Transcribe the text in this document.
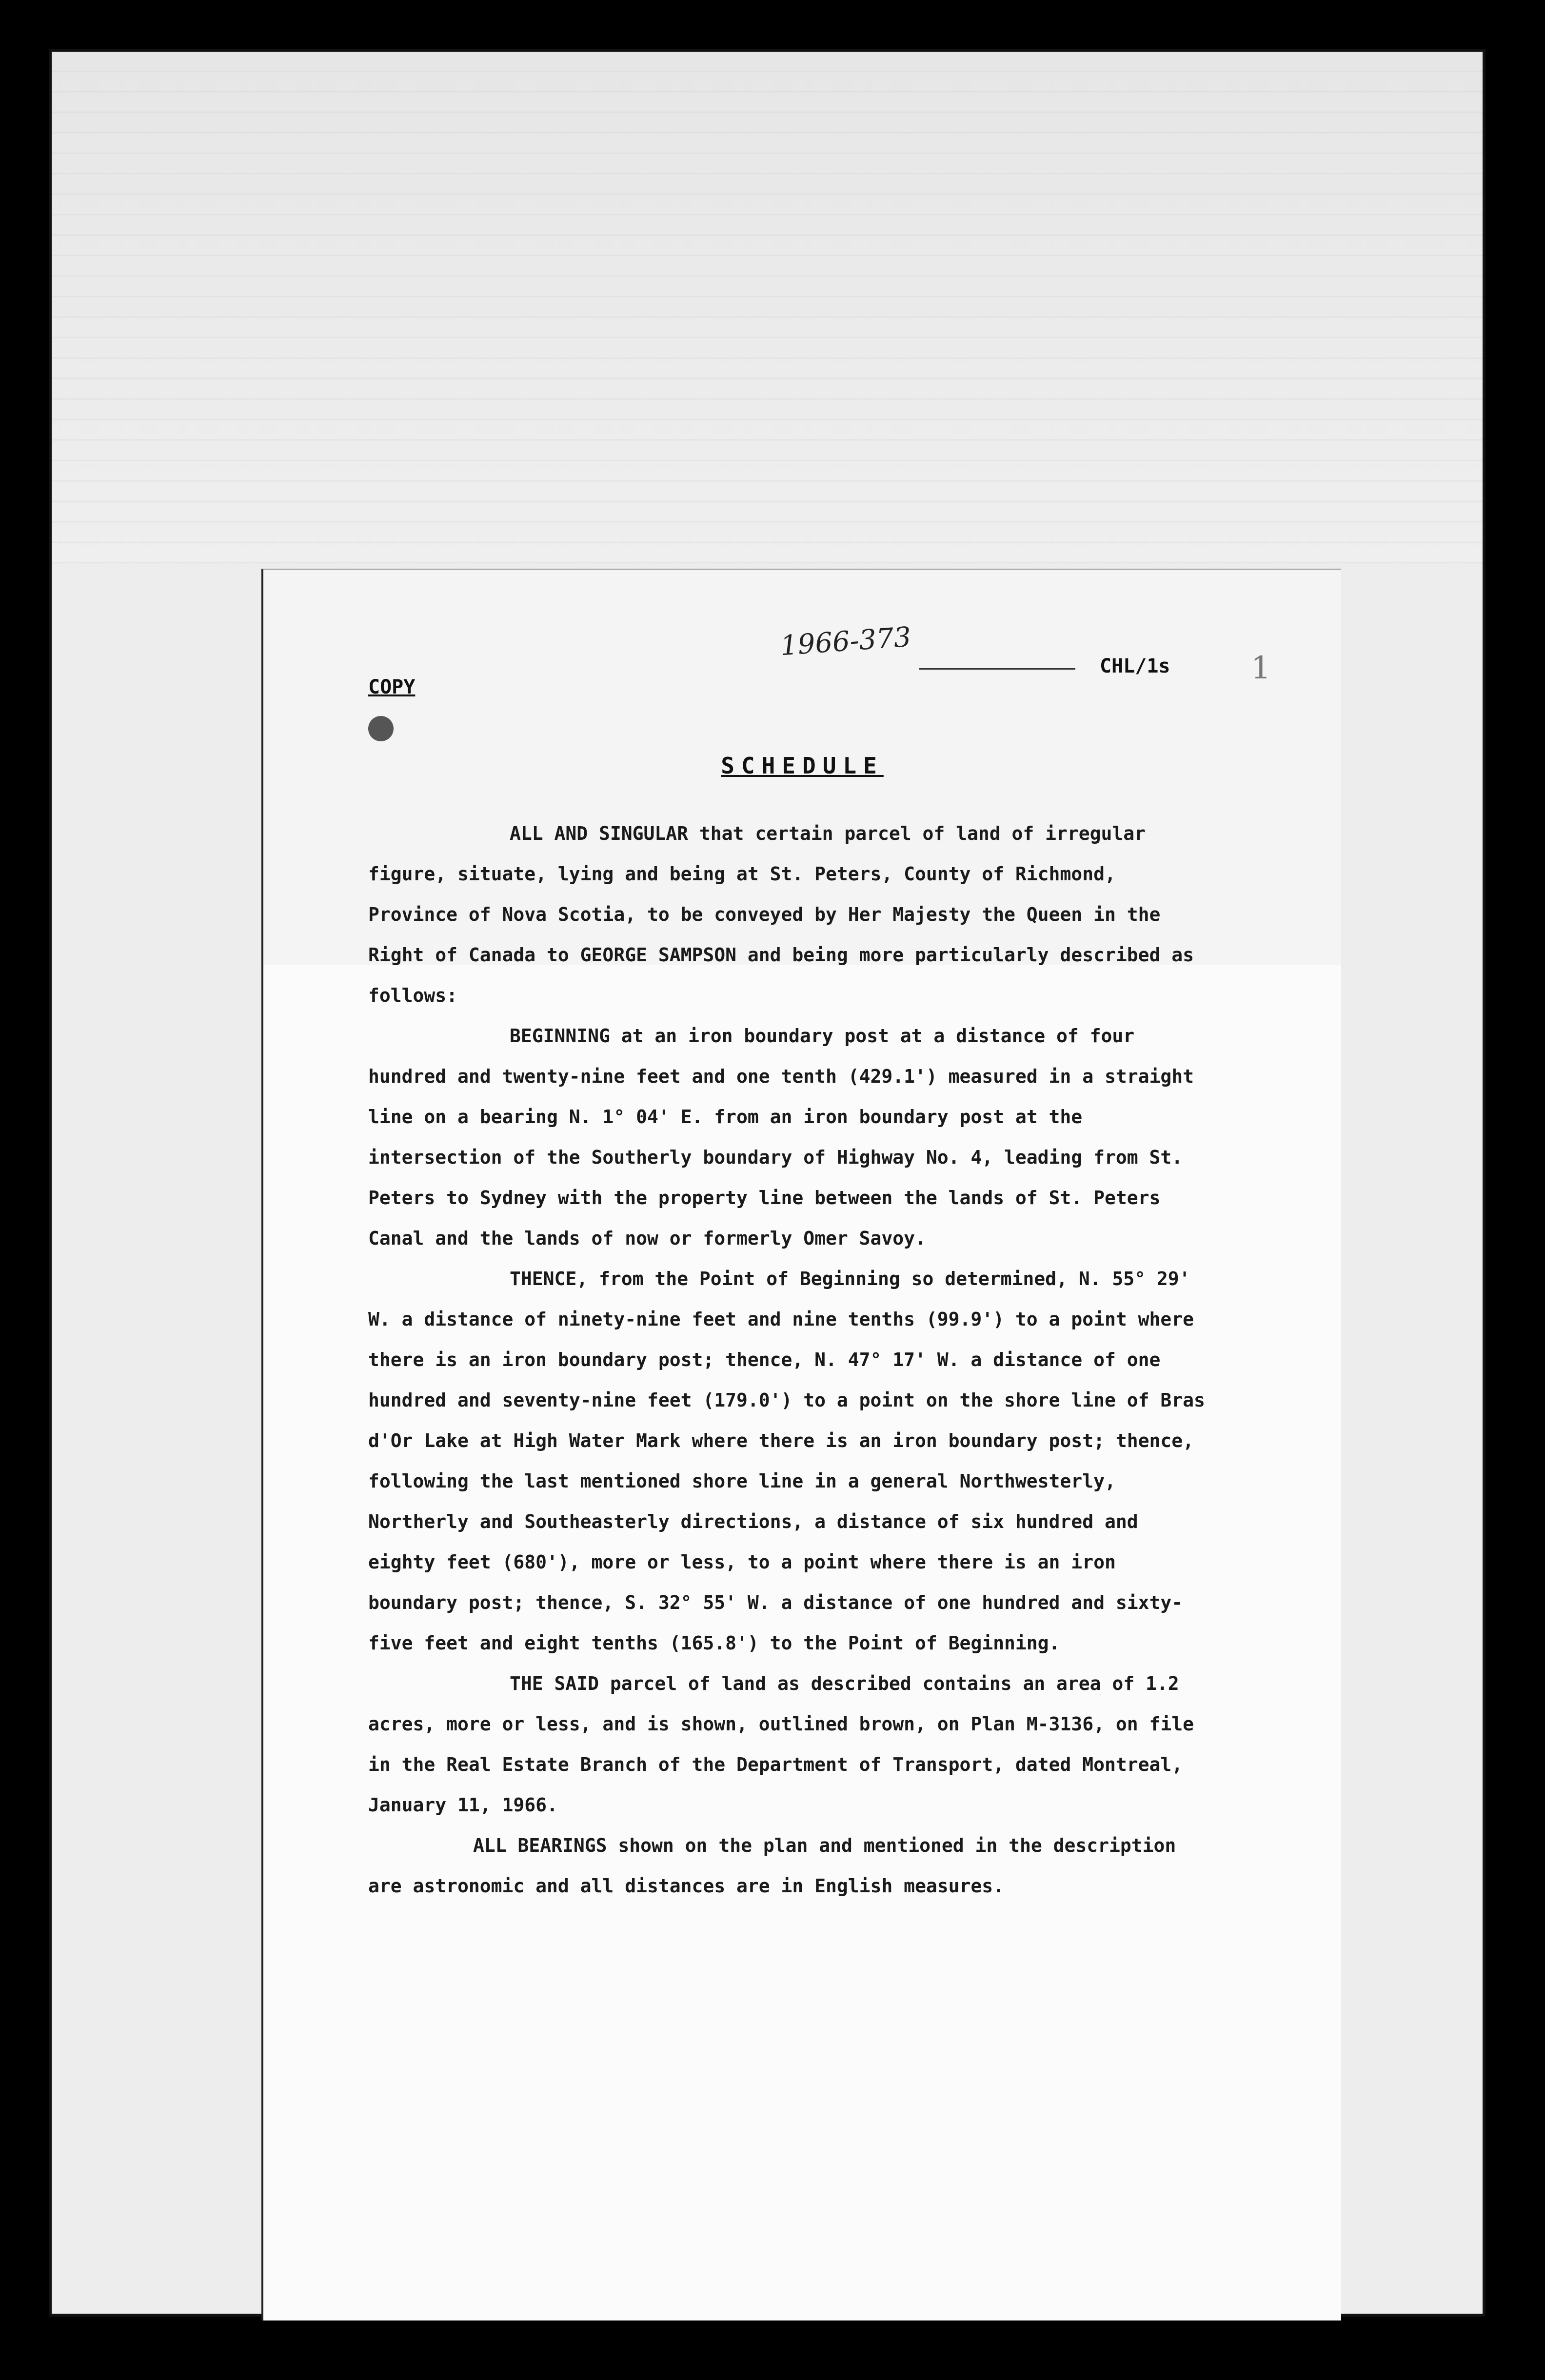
1966-373
CHL/1s	1
COPY
SCHEDULE

ALL AND SINGULAR that certain parcel of land of irregular figure, situate, lying and being at St. Peters, County of Richmond, Province of Nova Scotia, to be conveyed by Her Majesty the Queen in the Right of Canada to GEORGE SAMPSON and being more particularly described as follows:

BEGINNING at an iron boundary post at a distance of four hundred and twenty-nine feet and one tenth (429.1') measured in a straight line on a bearing N. 1° 04' E. from an iron boundary post at the intersection of the Southerly boundary of Highway No. 4, leading from St. Peters to Sydney with the property line between the lands of St. Peters Canal and the lands of now or formerly Omer Savoy.

THENCE, from the Point of Beginning so determined, N. 55° 29' W. a distance of ninety-nine feet and nine tenths (99.9') to a point where there is an iron boundary post; thence, N. 47° 17' W. a distance of one hundred and seventy-nine feet (179.0') to a point on the shore line of Bras d'Or Lake at High Water Mark where there is an iron boundary post; thence, following the last mentioned shore line in a general Northwesterly, Northerly and Southeasterly directions, a distance of six hundred and eighty feet (680'), more or less, to a point where there is an iron boundary post; thence, S. 32° 55' W. a distance of one hundred and sixty-five feet and eight tenths (165.8') to the Point of Beginning.

THE SAID parcel of land as described contains an area of 1.2 acres, more or less, and is shown, outlined brown, on Plan M-3136, on file in the Real Estate Branch of the Department of Transport, dated Montreal, January 11, 1966.

ALL BEARINGS shown on the plan and mentioned in the description are astronomic and all distances are in English measures.
